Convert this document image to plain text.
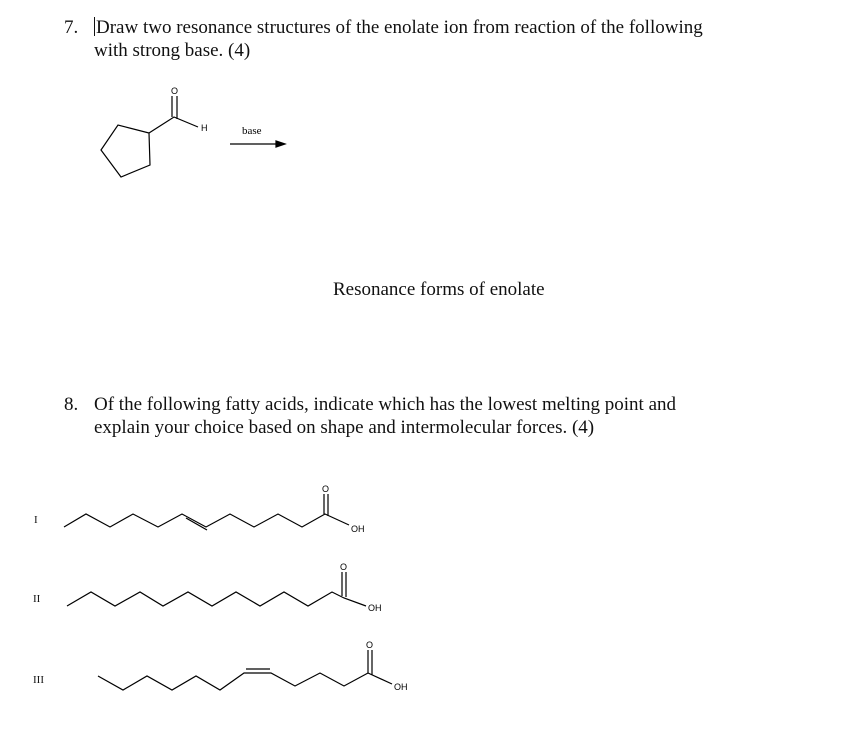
7. Draw two resonance structures of the enolate ion from reaction of the following
with strong base. (4)
O
H	base
Resonance forms of enolate
8. Of the following fatty acids, indicate which has the lowest melting point and
explain your choice based on shape and intermolecular forces. (4)
I
II
III
O
OH
O
OH
O
OH
